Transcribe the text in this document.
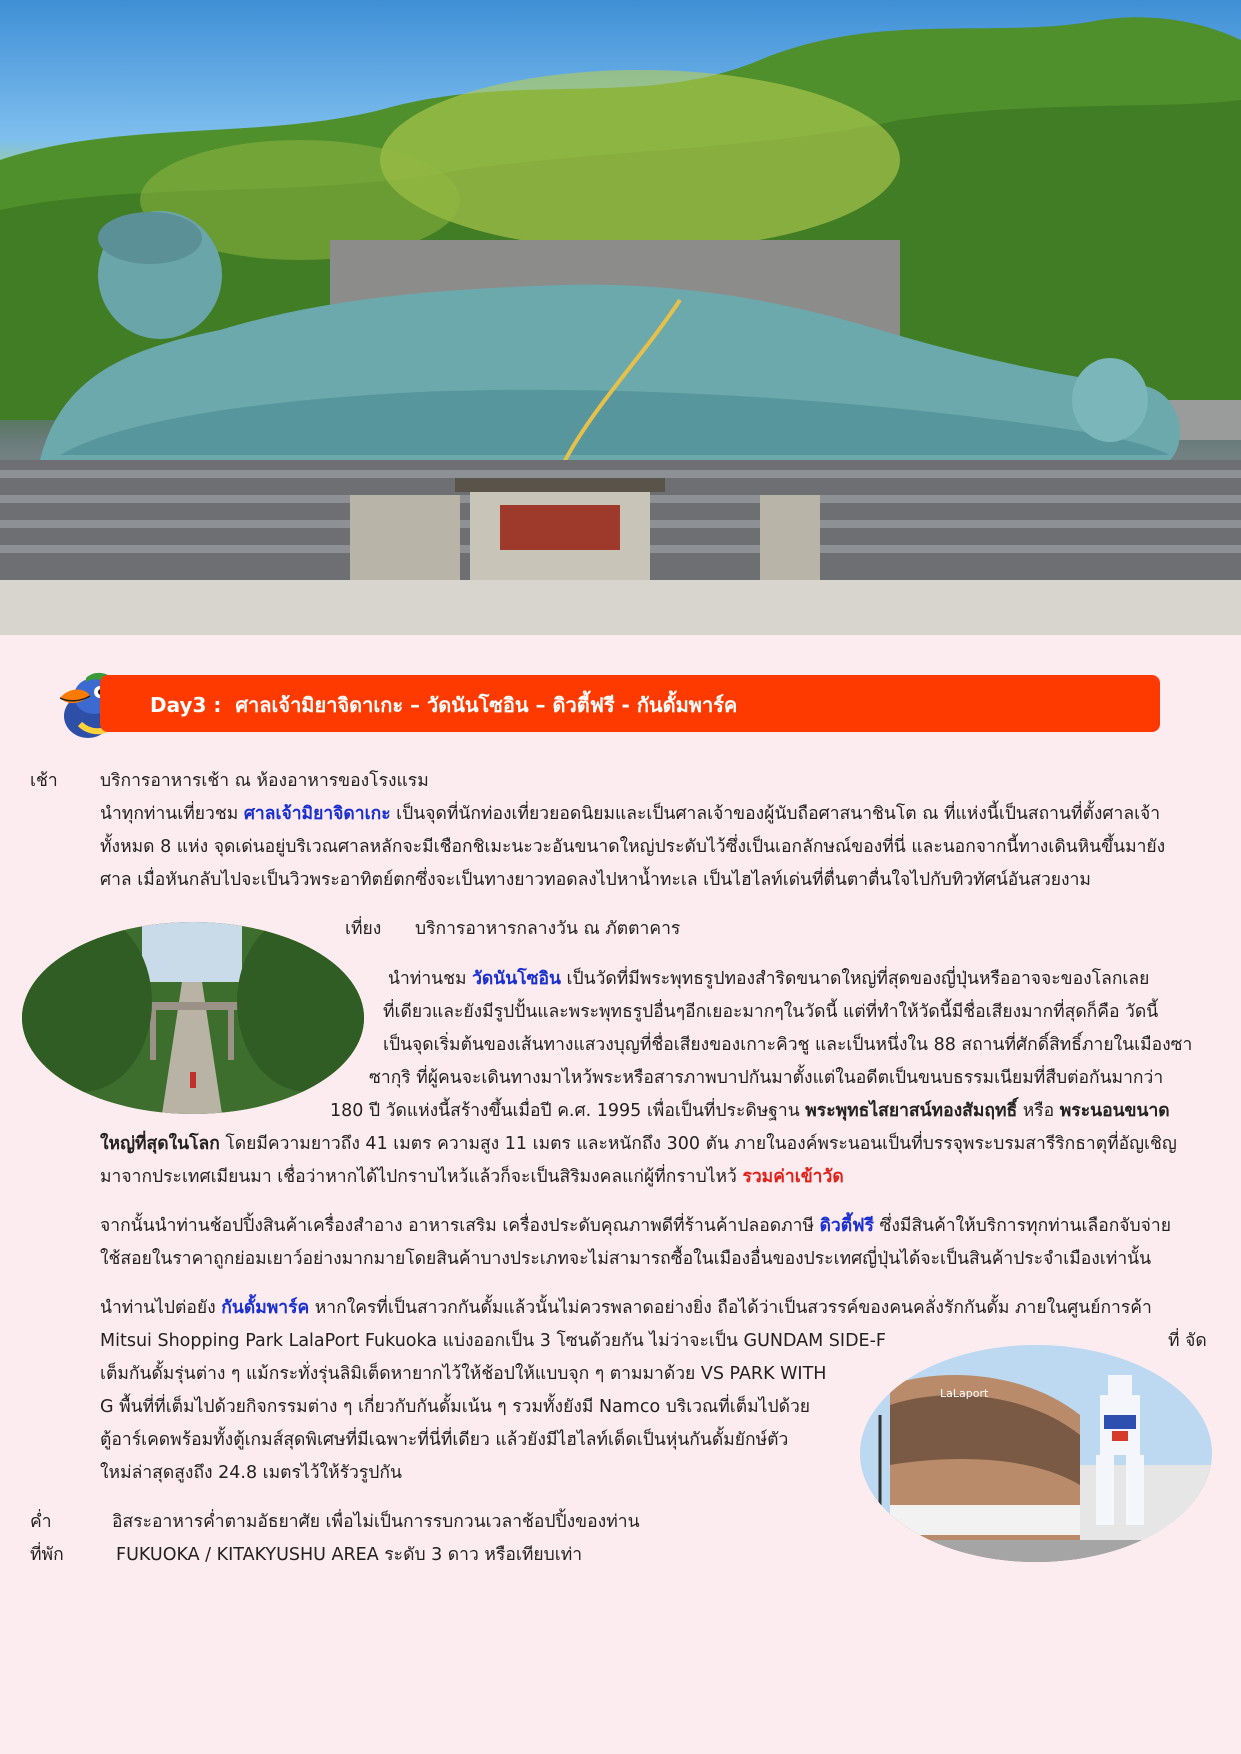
Day3 : ศาลเจ้ามิยาจิดาเกะ – วัดนันโซอิน – ดิวตี้ฟรี - กันดั้มพาร์ค
เช้า บริการอาหารเช้า ณ ห้องอาหารของโรงแรม
นำทุกท่านเที่ยวชม ศาลเจ้ามิยาจิดาเกะ เป็นจุดที่นักท่องเที่ยวยอดนิยมและเป็นศาลเจ้าของผู้นับถือศาสนาชินโต ณ ที่แห่งนี้เป็นสถานที่ตั้งศาลเจ้า
ทั้งหมด 8 แห่ง จุดเด่นอยู่บริเวณศาลหลักจะมีเชือกชิเมะนะวะอันขนาดใหญ่ประดับไว้ซึ่งเป็นเอกลักษณ์ของที่นี่ และนอกจากนี้ทางเดินหินขึ้นมายัง
ศาล เมื่อหันกลับไปจะเป็นวิวพระอาทิตย์ตกซึ่งจะเป็นทางยาวทอดลงไปหาน้ำทะเล เป็นไฮไลท์เด่นที่ตื่นตาตื่นใจไปกับทิวทัศน์อันสวยงาม
เที่ยง บริการอาหารกลางวัน ณ ภัตตาคาร
นำท่านชม วัดนันโซอิน เป็นวัดที่มีพระพุทธรูปทองสำริดขนาดใหญ่ที่สุดของญี่ปุ่นหรืออาจจะของโลกเลย
ที่เดียวและยังมีรูปปั้นและพระพุทธรูปอื่นๆอีกเยอะมากๆในวัดนี้ แต่ที่ทำให้วัดนี้มีชื่อเสียงมากที่สุดก็คือ วัดนี้
เป็นจุดเริ่มต้นของเส้นทางแสวงบุญที่ชื่อเสียงของเกาะคิวชู และเป็นหนึ่งใน 88 สถานที่ศักดิ์สิทธิ์ภายในเมืองซา
ซากุริ ที่ผู้คนจะเดินทางมาไหว้พระหรือสารภาพบาปกันมาตั้งแต่ในอดีตเป็นขนบธรรมเนียมที่สืบต่อกันมากว่า
180 ปี วัดแห่งนี้สร้างขึ้นเมื่อปี ค.ศ. 1995 เพื่อเป็นที่ประดิษฐาน พระพุทธไสยาสน์ทองสัมฤทธิ์ หรือ พระนอนขนาด
ใหญ่ที่สุดในโลก โดยมีความยาวถึง 41 เมตร ความสูง 11 เมตร และหนักถึง 300 ตัน ภายในองค์พระนอนเป็นที่บรรจุพระบรมสารีริกธาตุที่อัญเชิญ
มาจากประเทศเมียนมา เชื่อว่าหากได้ไปกราบไหว้แล้วก็จะเป็นสิริมงคลแก่ผู้ที่กราบไหว้ รวมค่าเข้าวัด
จากนั้นนำท่านช้อปปิ้งสินค้าเครื่องสำอาง อาหารเสริม เครื่องประดับคุณภาพดีที่ร้านค้าปลอดภาษี ดิวตี้ฟรี ซึ่งมีสินค้าให้บริการทุกท่านเลือกจับจ่าย
ใช้สอยในราคาถูกย่อมเยาว์อย่างมากมายโดยสินค้าบางประเภทจะไม่สามารถซื้อในเมืองอื่นของประเทศญี่ปุ่นได้จะเป็นสินค้าประจำเมืองเท่านั้น
นำท่านไปต่อยัง กันดั้มพาร์ค หากใครที่เป็นสาวกกันดั้มแล้วนั้นไม่ควรพลาดอย่างยิ่ง ถือได้ว่าเป็นสวรรค์ของคนคลั่งรักกันดั้ม ภายในศูนย์การค้า
Mitsui Shopping Park LalaPort Fukuoka แบ่งออกเป็น 3 โซนด้วยกัน ไม่ว่าจะเป็น GUNDAM SIDE-F	ที่ จัด
เต็มกันดั้มรุ่นต่าง ๆ แม้กระทั่งรุ่นลิมิเต็ดหายากไว้ให้ช้อปให้แบบจุก ๆ ตามมาด้วย VS PARK WITH
G พื้นที่ที่เต็มไปด้วยกิจกรรมต่าง ๆ เกี่ยวกับกันดั้มเน้น ๆ รวมทั้งยังมี Namco บริเวณที่เต็มไปด้วย
ตู้อาร์เคดพร้อมทั้งตู้เกมส์สุดพิเศษที่มีเฉพาะที่นี่ที่เดียว แล้วยังมีไฮไลท์เด็ดเป็นหุ่นกันดั้มยักษ์ตัว
ใหม่ล่าสุดสูงถึง 24.8 เมตรไว้ให้รัวรูปกัน
LaLaport
ค่ำ	อิสระอาหารค่ำตามอัธยาศัย เพื่อไม่เป็นการรบกวนเวลาช้อปปิ้งของท่าน
ที่พัก	FUKUOKA / KITAKYUSHU AREA ระดับ 3 ดาว หรือเทียบเท่า
